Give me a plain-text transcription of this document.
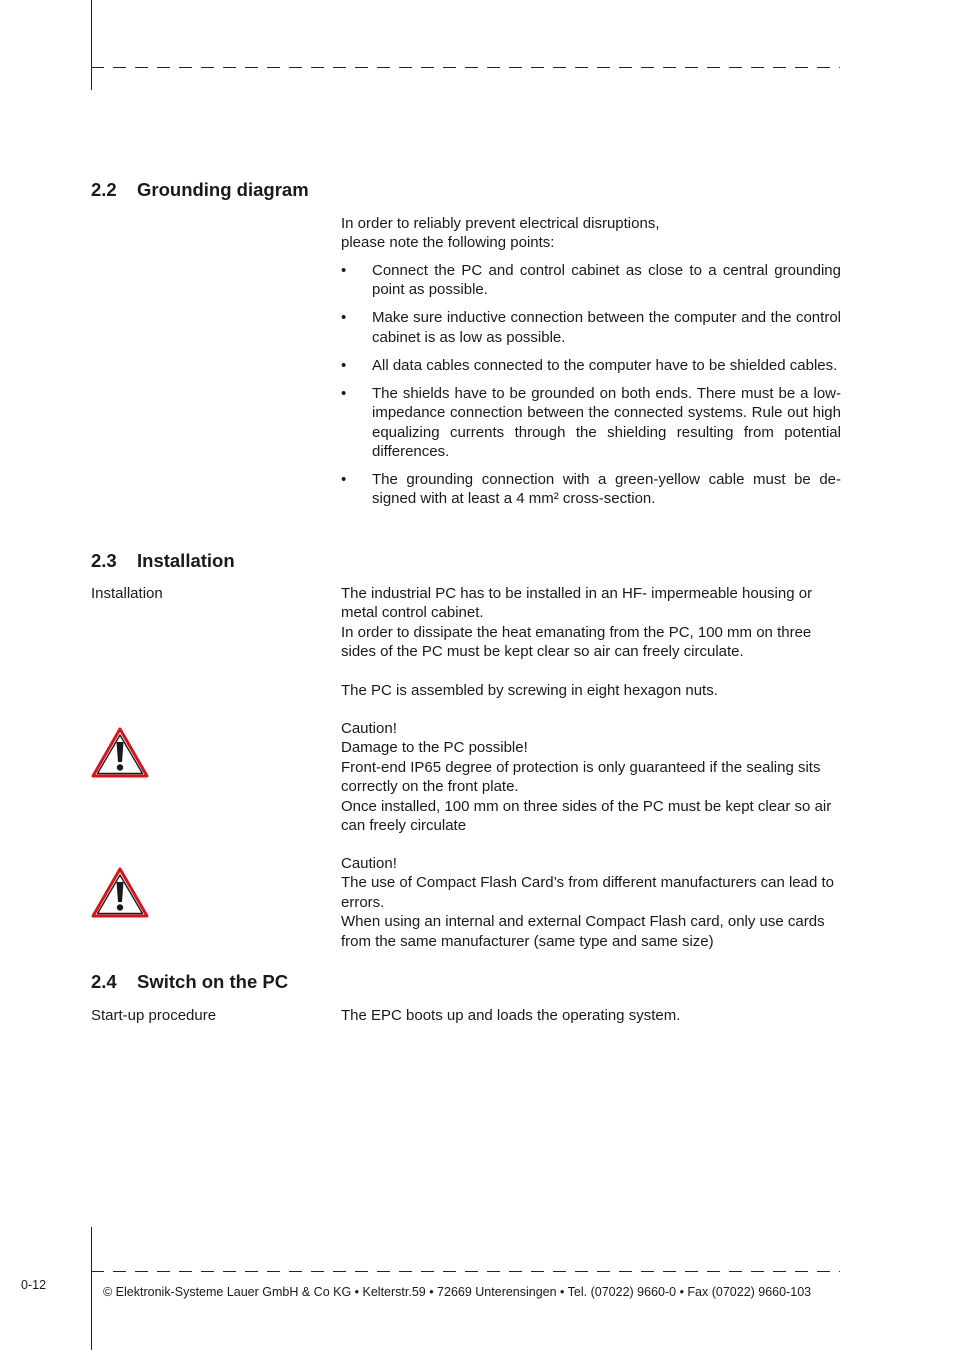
2.2 Grounding diagram
In order to reliably prevent electrical disruptions,
please note the following points:
• Connect the PC and control cabinet as close to a central grounding point as possible.
• Make sure inductive connection between the computer and the control cabinet is as low as possible.
• All data cables connected to the computer have to be shielded cables.
• The shields have to be grounded on both ends. There must be a low-impedance connection between the connected systems. Rule out high equalizing currents through the shielding resulting from potential differences.
• The grounding connection with a green-yellow cable must be de-signed with at least a 4 mm² cross-section.
2.3 Installation
Installation	The industrial PC has to be installed in an HF- impermeable housing or metal control cabinet.
In order to dissipate the heat emanating from the PC, 100 mm on three sides of the PC must be kept clear so air can freely circulate.
The PC is assembled by screwing in eight hexagon nuts.
Caution!
Damage to the PC possible!
Front-end IP65 degree of protection is only guaranteed if the sealing sits correctly on the front plate.
Once installed, 100 mm on three sides of the PC must be kept clear so air can freely circulate
Caution!
The use of Compact Flash Card’s from different manufacturers can lead to errors.
When using an internal and external Compact Flash card, only use cards from the same manufacturer (same type and same size)
2.4 Switch on the PC
Start-up procedure	The EPC boots up and loads the operating system.
0-12	© Elektronik-Systeme Lauer GmbH & Co KG • Kelterstr.59 • 72669 Unterensingen • Tel. (07022) 9660-0 • Fax (07022) 9660-103
